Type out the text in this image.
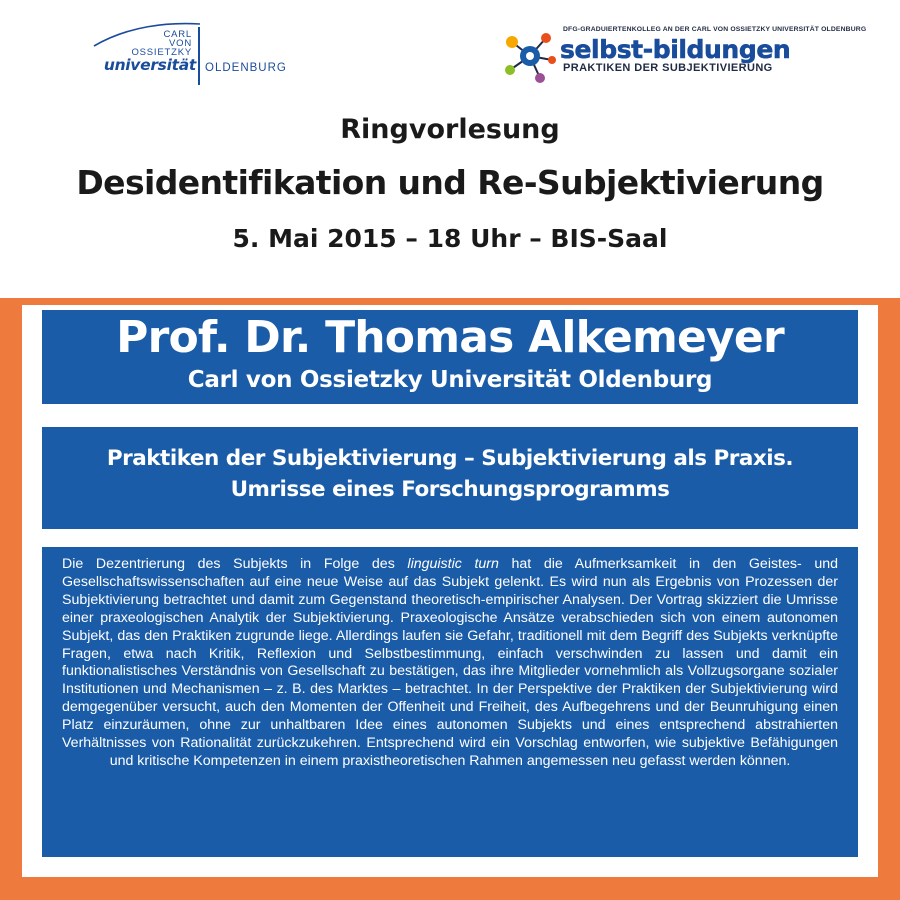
CARL
VON
OSSIETZKY
universität OLDENBURG
DFG-GRADUIERTENKOLLEG AN DER CARL VON OSSIETZKY UNIVERSITÄT OLDENBURG
selbst-bildungen
PRAKTIKEN DER SUBJEKTIVIERUNG
Ringvorlesung
Desidentifikation und Re-Subjektivierung
5. Mai 2015 – 18 Uhr – BIS-Saal
Prof. Dr. Thomas Alkemeyer
Carl von Ossietzky Universität Oldenburg
Praktiken der Subjektivierung – Subjektivierung als Praxis.
Umrisse eines Forschungsprogramms

Die Dezentrierung des Subjekts in Folge des linguistic turn hat die Aufmerksamkeit in den Geistes- und Gesellschaftswissenschaften auf eine neue Weise auf das Subjekt gelenkt. Es wird nun als Ergebnis von Prozessen der Subjektivierung betrachtet und damit zum Gegenstand theoretisch-empirischer Analysen. Der Vortrag skizziert die Umrisse einer praxeologischen Analytik der Subjektivierung. Praxeologische Ansätze verabschieden sich von einem autonomen Subjekt, das den Praktiken zugrunde liege. Allerdings laufen sie Gefahr, traditionell mit dem Begriff des Subjekts verknüpfte Fragen, etwa nach Kritik, Reflexion und Selbstbestimmung, einfach verschwinden zu lassen und damit ein funktionalistisches Verständnis von Gesellschaft zu bestätigen, das ihre Mitglieder vornehmlich als Vollzugsorgane sozialer Institutionen und Mechanismen – z. B. des Marktes – betrachtet. In der Perspektive der Praktiken der Subjektivierung wird demgegenüber versucht, auch den Momenten der Offenheit und Freiheit, des Aufbegehrens und der Beunruhigung einen Platz einzuräumen, ohne zur unhaltbaren Idee eines autonomen Subjekts und eines entsprechend abstrahierten Verhältnisses von Rationalität zurückzukehren. Entsprechend wird ein Vorschlag entworfen, wie subjektive Befähigungen und kritische Kompetenzen in einem praxistheoretischen Rahmen angemessen neu gefasst werden können.
